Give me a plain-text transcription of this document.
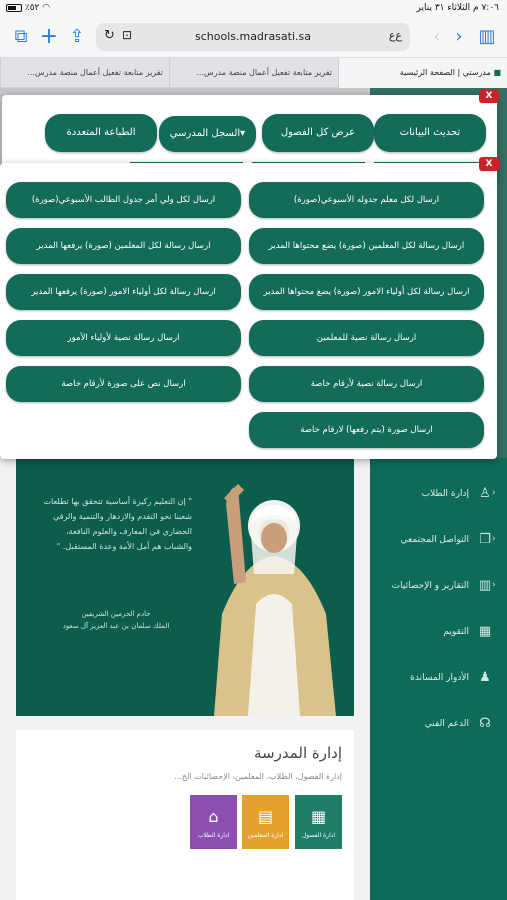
٪٥٢ ◠	٧:٠٦ م الثلاثاء ٣١ يناير
⧉ + ⇪ ↻ ⊡	schools.madrasati.sa	ﻉﻉ	‹ › ▥
■ مدرستي | الصفحة الرئيسية
تقرير متابعة تفعيل أعمال منصة مدرس...
تقرير متابعة تفعيل أعمال منصة مدرس...
♙
إدارة الطلاب	‹
❐
التواصل المجتمعي	‹
▥
التقارير و الإحصائيات	‹
▦
التقويم
♟
الأدوار المساندة
☊
الدعم الفني
" إن التعليم ركيزة أساسية تتحقق بها تطلعات شعبنا نحو التقدم والازدهار والتنمية والرقي الحضاري في المعارف والعلوم النافعة، والشباب هم أمل الأمة وعدة المستقبل. "
خادم الحرمين الشريفين
الملك سلمان بن عبد العزيز آل سعود
إدارة المدرسة
إدارة الفصول، الطلاب، المعلمين، الإحصائيات الخ...
▦
ادارة الفصول
▤
ادارة المعلمين
⌂
ادارة الطلاب
X
تحديث البيانات
عرض كل الفصول
▾السجل المدرسي
الطباعة المتعددة
X
ارسال لكل معلم جدوله الأسبوعي(صورة)
ارسال لكل ولي أمر جدول الطالب الأسبوعي(صورة)
ارسال رسالة لكل المعلمين (صورة) يضع محتواها المدير
ارسال رسالة لكل المعلمين (صورة) يرفعها المدير
ارسال رسالة لكل أولياء الامور (صورة) يضع محتواها المدير
ارسال رسالة لكل أولياء الامور (صورة) يرفعها المدير
ارسال رسالة نصية للمعلمين
ارسال رسالة نصية لأولياء الأمور
ارسال رسالة نصية لأرقام خاصة
ارسال نص على صورة لأرقام خاصة
ارسال صورة (يتم رفعها) لارقام خاصة
